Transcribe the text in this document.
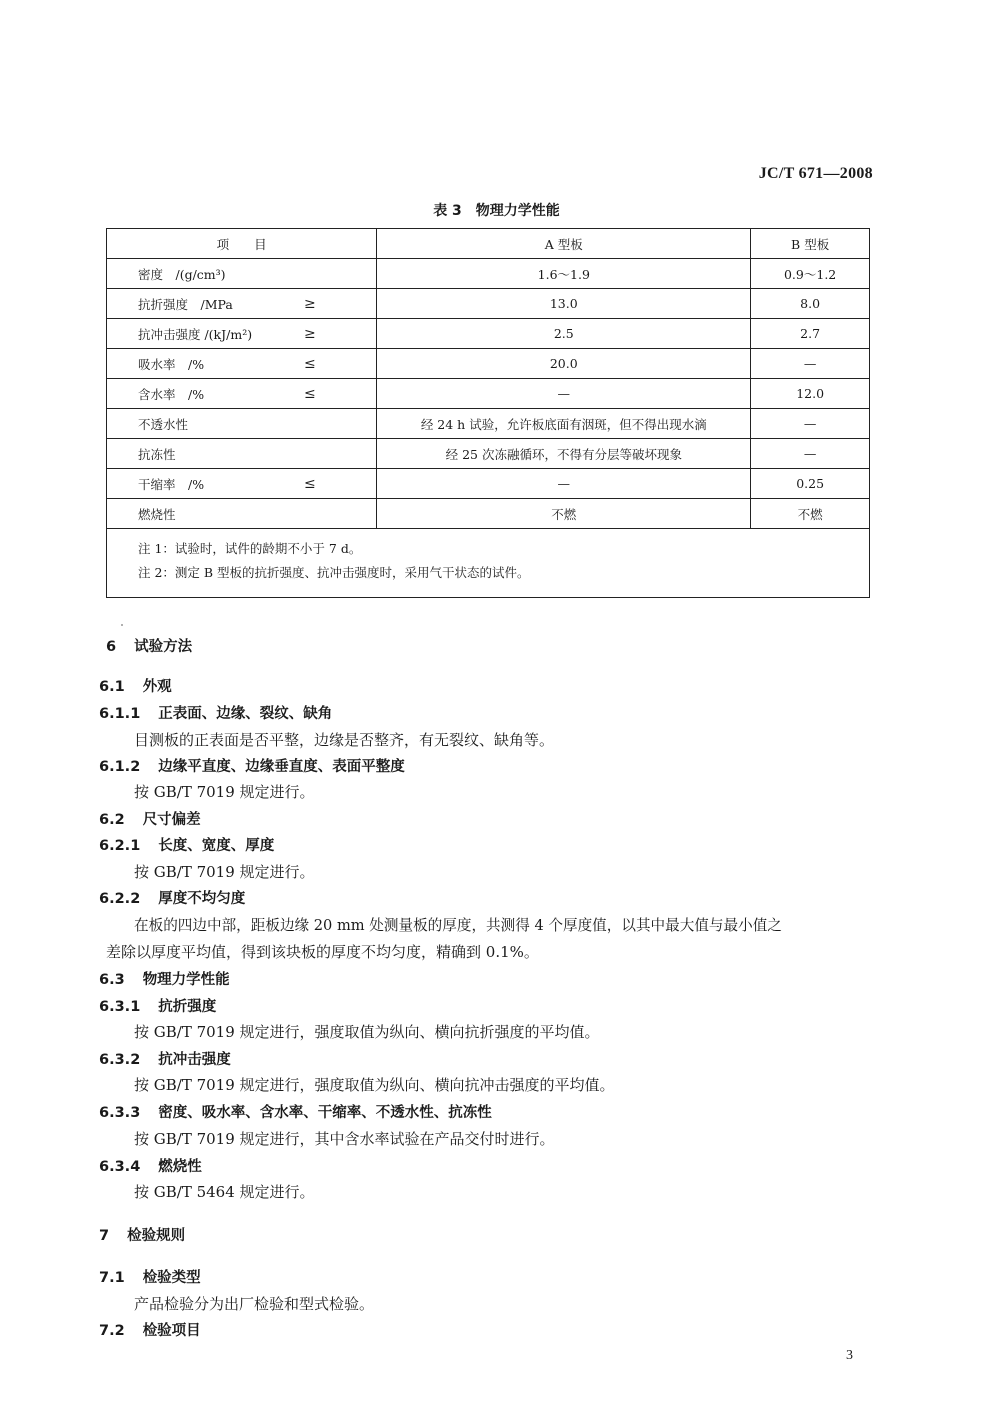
JC/T 671—2008
表 3　物理力学性能
项　　目	A 型板	B 型板

密度　/(g/cm³)	1.6～1.9	0.9～1.2

抗折强度　/MPa ≥	13.0	8.0

抗冲击强度 /(kJ/m²) ≥	2.5	2.7

吸水率　/% ≤	20.0	—

含水率　/% ≤	—	12.0

不透水性	经 24 h 试验，允许板底面有洇斑，但不得出现水滴	—

抗冻性	经 25 次冻融循环，不得有分层等破坏现象	—

干缩率　/% ≤	—	0.25

燃烧性	不燃	不燃

注 1：试验时，试件的龄期不小于 7 d。
注 2：测定 B 型板的抗折强度、抗冲击强度时，采用气干状态的试件。		
6 试验方法
6.1 外观
6.1.1 正表面、边缘、裂纹、缺角
目测板的正表面是否平整，边缘是否整齐，有无裂纹、缺角等。
6.1.2 边缘平直度、边缘垂直度、表面平整度
按 GB/T 7019 规定进行。
6.2 尺寸偏差
6.2.1 长度、宽度、厚度
按 GB/T 7019 规定进行。
6.2.2 厚度不均匀度
在板的四边中部，距板边缘 20 mm 处测量板的厚度，共测得 4 个厚度值，以其中最大值与最小值之
差除以厚度平均值，得到该块板的厚度不均匀度，精确到 0.1%。
6.3 物理力学性能
6.3.1 抗折强度
按 GB/T 7019 规定进行，强度取值为纵向、横向抗折强度的平均值。
6.3.2 抗冲击强度
按 GB/T 7019 规定进行，强度取值为纵向、横向抗冲击强度的平均值。
6.3.3 密度、吸水率、含水率、干缩率、不透水性、抗冻性
按 GB/T 7019 规定进行，其中含水率试验在产品交付时进行。
6.3.4 燃烧性
按 GB/T 5464 规定进行。
7 检验规则
7.1 检验类型
产品检验分为出厂检验和型式检验。
7.2 检验项目
3
